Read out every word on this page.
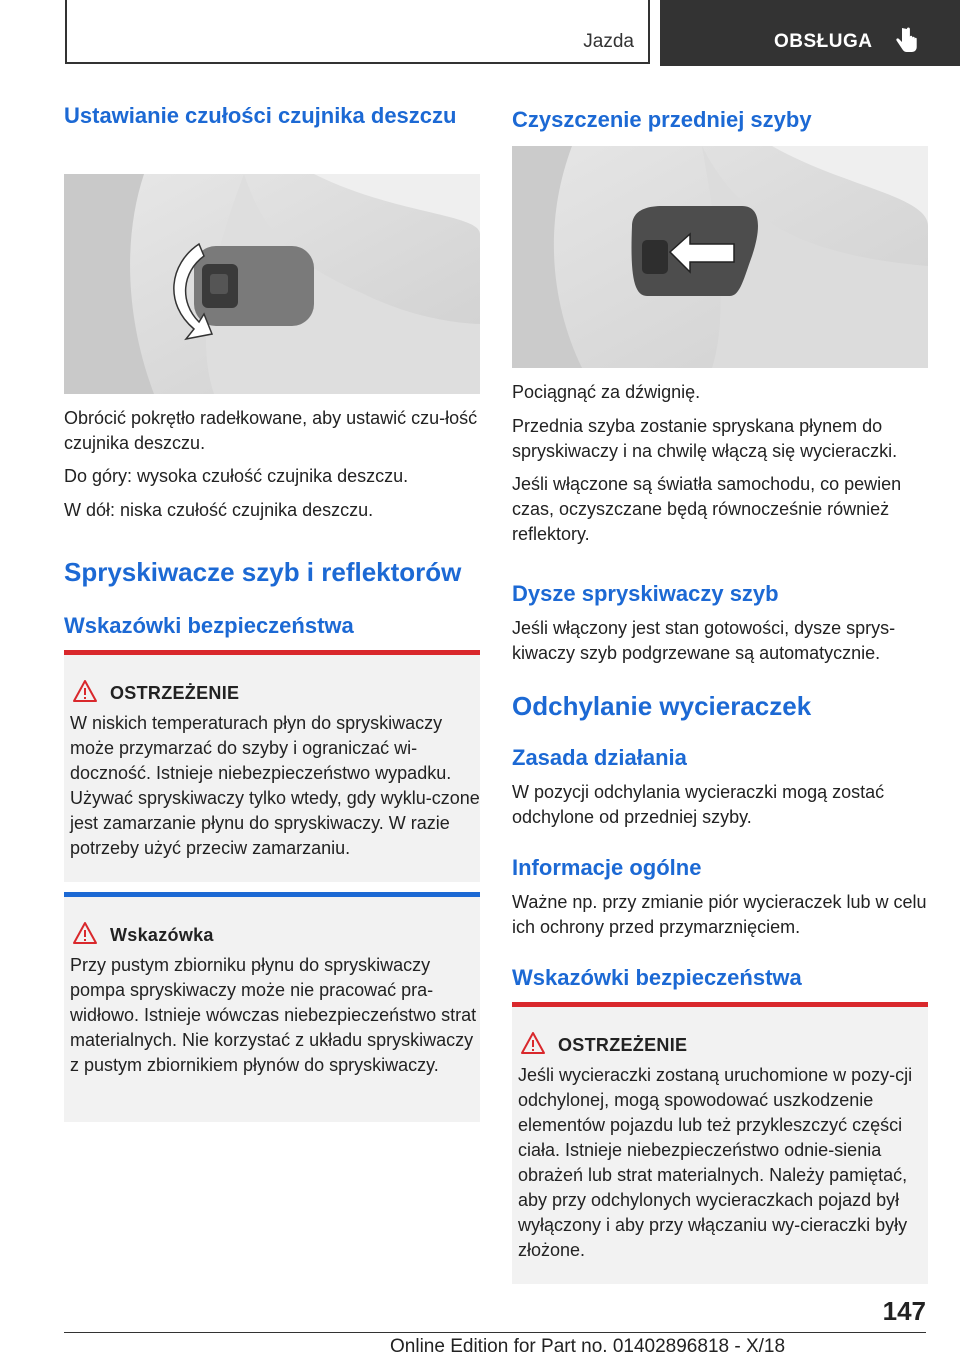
Jazda	OBSŁUGA
Ustawianie czułości czujnika deszczu
Obrócić pokrętło radełkowane, aby ustawić czu‐łość czujnika deszczu.
Do góry: wysoka czułość czujnika deszczu.
W dół: niska czułość czujnika deszczu.
Spryskiwacze szyb i reflektorów
Wskazówki bezpieczeństwa
OSTRZEŻENIE
W niskich temperaturach płyn do spryskiwaczy może przymarzać do szyby i ograniczać wi‐doczność. Istnieje niebezpieczeństwo wypadku. Używać spryskiwaczy tylko wtedy, gdy wyklu‐czone jest zamarzanie płynu do spryskiwaczy. W razie potrzeby użyć przeciw zamarzaniu.
Wskazówka
Przy pustym zbiorniku płynu do spryskiwaczy pompa spryskiwaczy może nie pracować pra‐widłowo. Istnieje wówczas niebezpieczeństwo strat materialnych. Nie korzystać z układu spryskiwaczy z pustym zbiornikiem płynów do spryskiwaczy.
Czyszczenie przedniej szyby
Pociągnąć za dźwignię.
Przednia szyba zostanie spryskana płynem do spryskiwaczy i na chwilę włączą się wycieraczki.
Jeśli włączone są światła samochodu, co pewien czas, oczyszczane będą równocześnie również reflektory.
Dysze spryskiwaczy szyb
Jeśli włączony jest stan gotowości, dysze sprys‐kiwaczy szyb podgrzewane są automatycznie.
Odchylanie wycieraczek
Zasada działania
W pozycji odchylania wycieraczki mogą zostać odchylone od przedniej szyby.
Informacje ogólne
Ważne np. przy zmianie piór wycieraczek lub w celu ich ochrony przed przymarznięciem.
Wskazówki bezpieczeństwa
OSTRZEŻENIE
Jeśli wycieraczki zostaną uruchomione w pozy‐cji odchylonej, mogą spowodować uszkodzenie elementów pojazdu lub też przykleszczyć części ciała. Istnieje niebezpieczeństwo odnie‐sienia obrażeń lub strat materialnych. Należy pamiętać, aby przy odchylonych wycieraczkach pojazd był wyłączony i aby przy włączaniu wy‐cieraczki były złożone.
147
Online Edition for Part no. 01402896818 - X/18
